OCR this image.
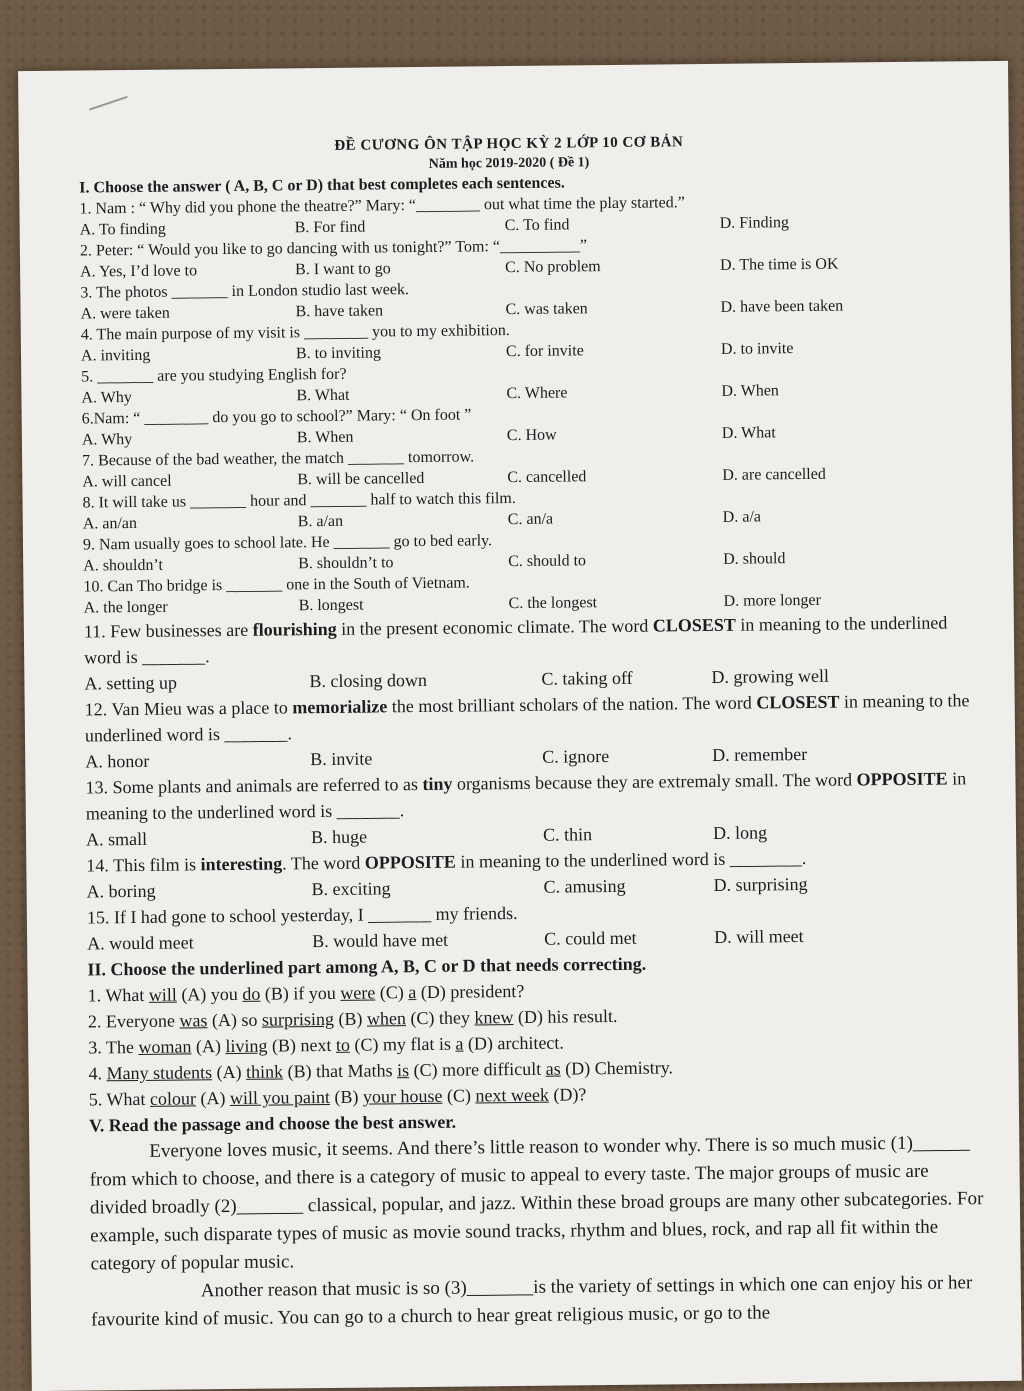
ĐỀ CƯƠNG ÔN TẬP HỌC KỲ 2 LỚP 10 CƠ BẢN
Năm học 2019-2020 ( Đề 1)
I. Choose the answer ( A, B, C or D) that best completes each sentences.
1. Nam : “ Why did you phone the theatre?” Mary: “________ out what time the play started.”
A. To finding	B. For find	C. To find	D. Finding
2. Peter: “ Would you like to go dancing with us tonight?” Tom: “__________”
A. Yes, I’d love to	B. I want to go	C. No problem	D. The time is OK
3. The photos _______ in London studio last week.
A. were taken	B. have taken	C. was taken	D. have been taken
4. The main purpose of my visit is ________ you to my exhibition.
A. inviting	B. to inviting	C. for invite	D. to invite
5. _______ are you studying English for?
A. Why	B. What	C. Where	D. When
6.Nam: “ ________ do you go to school?” Mary: “ On foot ”
A. Why	B. When	C. How	D. What
7. Because of the bad weather, the match _______ tomorrow.
A. will cancel	B. will be cancelled	C. cancelled	D. are cancelled
8. It will take us _______ hour and _______ half to watch this film.
A. an/an	B. a/an	C. an/a	D. a/a
9. Nam usually goes to school late. He _______ go to bed early.
A. shouldn’t	B. shouldn’t to	C. should to	D. should
10. Can Tho bridge is _______ one in the South of Vietnam.
A. the longer	B. longest	C. the longest	D. more longer
11. Few businesses are flourishing in the present economic climate. The word CLOSEST in meaning to the underlined word is _______.
A. setting up	B. closing down	C. taking off	D. growing well
12. Van Mieu was a place to memorialize the most brilliant scholars of the nation. The word CLOSEST in meaning to the underlined word is _______.
A. honor	B. invite	C. ignore	D. remember
13. Some plants and animals are referred to as tiny organisms because they are extremaly small. The word OPPOSITE in meaning to the underlined word is _______.
A. small	B. huge	C. thin	D. long
14. This film is interesting. The word OPPOSITE in meaning to the underlined word is ________.
A. boring	B. exciting	C. amusing	D. surprising
15. If I had gone to school yesterday, I _______ my friends.
A. would meet	B. would have met	C. could met	D. will meet
II. Choose the underlined part among A, B, C or D that needs correcting.
1. What will (A) you do (B) if you were (C) a (D) president?
2. Everyone was (A) so surprising (B) when (C) they knew (D) his result.
3. The woman (A) living (B) next to (C) my flat is a (D) architect.
4. Many students (A) think (B) that Maths is (C) more difficult as (D) Chemistry.
5. What colour (A) will you paint (B) your house (C) next week (D)?
V. Read the passage and choose the best answer.
Everyone loves music, it seems. And there’s little reason to wonder why. There is so much music (1)______ from which to choose, and there is a category of music to appeal to every taste. The major groups of music are divided broadly (2)_______ classical, popular, and jazz. Within these broad groups are many other subcategories. For example, such disparate types of music as movie sound tracks, rhythm and blues, rock, and rap all fit within the category of popular music.
Another reason that music is so (3)_______is the variety of settings in which one can enjoy his or her favourite kind of music. You can go to a church to hear great religious music, or go to the
